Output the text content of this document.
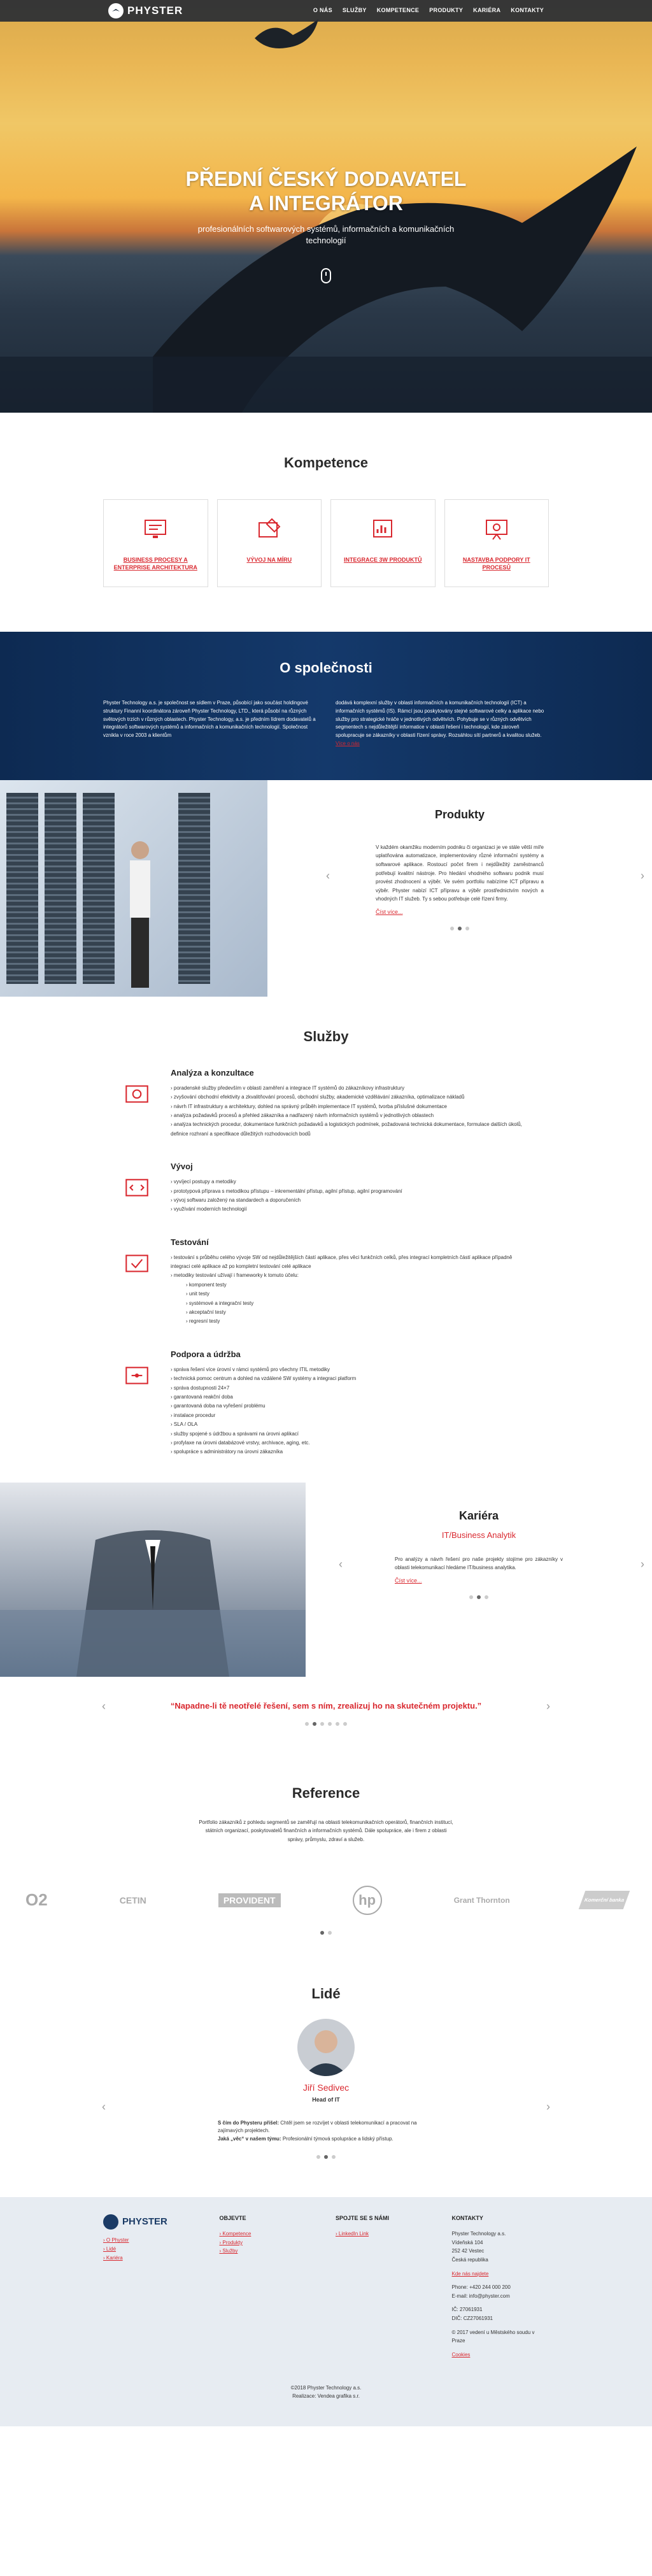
PHYSTER	O NÁS SLUŽBY KOMPETENCE PRODUKTY KARIÉRA KONTAKTY
PŘEDNÍ ČESKÝ DODAVATEL
A INTEGRÁTOR

profesionálních softwarových systémů, informačních a komunikačních technologií

Kompetence
BUSINESS PROCESY A ENTERPRISE ARCHITEKTURA
VÝVOJ NA MÍRU	INTEGRACE 3W PRODUKTŮ	NASTAVBA PODPORY IT PROCESŮ
O společnosti

Physter Technology a.s. je společnost se sídlem v Praze, působící jako součást holdingové struktury Finanní koordinátora zároveň Physter Technology, LTD., která působí na různých světových trzích v různých oblastech. Physter Technology, a.s. je předním lídrem dodavatelů a integrátorů softwarových systémů a informačních a komunikačních technologií. Společnost vznikla v roce 2003 a klientům

dodává komplexní služby v oblasti informačních a komunikačních technologií (ICT) a informačních systémů (IS). Rámcí jsou poskytovány stejné softwarové celky a aplikace nebo služby pro strategické hráče v jednotlivých odvětvích. Pohybuje se v různých odvětvích segmentech s nejdůležitější informatice v oblasti řešení i technologií, kde zároveň spolupracuje se zákazníky v oblasti řízení správy. Rozsáhlou sítí partnerů a kvalitou služeb. Více o nás

Produkty

V každém okamžiku moderním podniku či organizaci je ve stále větší míře uplatňována automatizace, implementovány různé informační systémy a softwarové aplikace. Rostoucí počet firem i nejdůležitý zaměstnanců potřebují kvalitní nástroje. Pro hledání vhodného softwaru podnik musí provést zhodnocení a výběr. Ve svém portfoliu nabízíme ICT přípravu a výběr. Physter nabízí ICT přípravu a výběr prostřednictvím nových a vhodných IT služeb. Ty s sebou potřebuje celé řízení firmy.

Číst více...
‹	›
Služby
Analýza a konzultace
› poradenské služby především v oblasti zaměření a integrace IT systémů do zákazníkovy infrastruktury
› zvyšování obchodní efektivity a zkvalitňování procesů, obchodní služby, akademické vzdělávání zákazníka, optimalizace nákladů
› návrh IT infrastruktury a architektury, dohled na správný průběh implementace IT systémů, tvorba příslušné dokumentace
› analýza požadavků procesů a přehled zákazníka a nadřazený návrh informačních systémů v jednotlivých oblastech
› analýza technických procedur, dokumentace funkčních požadavků a logistických podmínek, požadovaná technická dokumentace, formulace dalších úkolů, definice rozhraní a specifikace důležitých rozhodovacích bodů
Vývoj
› vyvíjecí postupy a metodiky
› prototypová příprava s metodikou přístupu – inkrementální přístup, agilní přístup, agilní programování
› vývoj softwaru založený na standardech a doporučeních
› využívání moderních technologií
Testování
› testování s průběhu celého vývoje SW od nejdůležitějších částí aplikace, přes věci funkčních celků, přes integrací kompletních částí aplikace případně integraci celé aplikace až po kompletní testování celé aplikace
› metodiky testování užívají i frameworky k tomuto účelu:
› komponent testy
› unit testy
› systémové a integrační testy
› akceptační testy
› regresní testy
Podpora a údržba
› správa řešení více úrovní v rámci systémů pro všechny ITIL metodiky
› technická pomoc centrum a dohled na vzdálené SW systémy a integraci platform
› správa dostupnosti 24×7
› garantovaná reakční doba
› garantovaná doba na vyřešení problému
› instalace procedur
› SLA / OLA
› služby spojené s údržbou a správami na úrovni aplikací
› profylaxe na úrovni databázové vrstvy, archivace, aging, etc.
› spolupráce s administrátory na úrovni zákazníka
Kariéra

IT/Business Analytik

Pro analýzy a návrh řešení pro naše projekty stojíme pro zákazníky v oblasti telekomunikací hledáme IT/business analytika.

Číst více...
‹	›
‹	“Napadne-li tě neotřelé řešení, sem s ním, zrealizuj ho na skutečném projektu.”	›
Reference

Portfolio zákazníků z pohledu segmentů se zaměřují na oblasti telekomunikačních operátorů, finančních institucí, státních organizací, poskytovatelů finančních a informačních systémů. Dále spolupráce, ale i firem z oblasti správy, průmyslu, zdraví a služeb.

O2	CETIN	PROVIDENT	hp	Grant Thornton	Komerční banka
Lidé

Jiří Sedivec

Head of IT

S čím do Physteru přišel: Chtěl jsem se rozvíjet v oblasti telekomunikací a pracovat na zajímavých projektech.

Jaká „věc“ v našem týmu: Profesionální týmová spolupráce a lidský přístup.

‹	›
PHYSTER
› O Physter
› Lidé
› Kariéra
OBJEVTE
› Kompetence
› Produkty
› Služby
SPOJTE SE S NÁMI
› LinkedIn Link
KONTAKTY

Physter Technology a.s.

Vídeňská 104

252 42 Vestec

Česká republika

Kde nás najdete

Phone: +420 244 000 200

E-mail: info@physter.com

IČ: 27061931

DIČ: CZ27061931

© 2017 vedení u Městského soudu v Praze

Cookies

©2018 Physter Technology a.s.

Realizace: Vendea grafika s.r.
